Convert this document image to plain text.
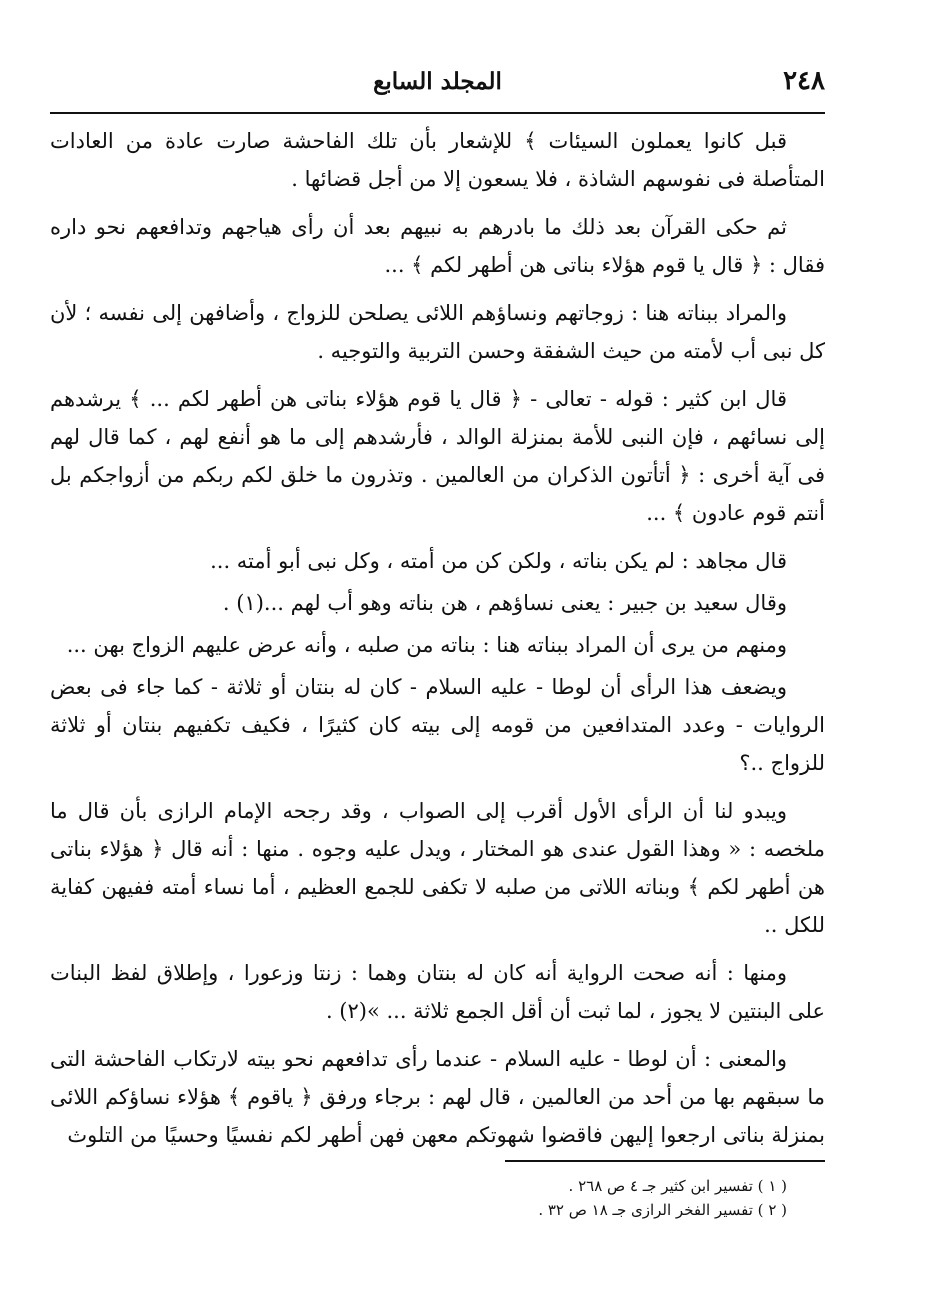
٢٤٨
المجلد السابع

قبل كانوا يعملون السيئات ﴾ للإشعار بأن تلك الفاحشة صارت عادة من العادات المتأصلة فى نفوسهم الشاذة ، فلا يسعون إلا من أجل قضائها .

ثم حكى القرآن بعد ذلك ما بادرهم به نبيهم بعد أن رأى هياجهم وتدافعهم نحو داره فقال : ﴿ قال يا قوم هؤلاء بناتى هن أطهر لكم ﴾ ...

والمراد ببناته هنا : زوجاتهم ونساؤهم اللائى يصلحن للزواج ، وأضافهن إلى نفسه ؛ لأن كل نبى أب لأمته من حيث الشفقة وحسن التربية والتوجيه .

قال ابن كثير : قوله - تعالى - ﴿ قال يا قوم هؤلاء بناتى هن أطهر لكم ... ﴾ يرشدهم إلى نسائهم ، فإن النبى للأمة بمنزلة الوالد ، فأرشدهم إلى ما هو أنفع لهم ، كما قال لهم فى آية أخرى : ﴿ أتأتون الذكران من العالمين . وتذرون ما خلق لكم ربكم من أزواجكم بل أنتم قوم عادون ﴾ ...

قال مجاهد : لم يكن بناته ، ولكن كن من أمته ، وكل نبى أبو أمته ...

وقال سعيد بن جبير : يعنى نساؤهم ، هن بناته وهو أب لهم ...(١) .

ومنهم من يرى أن المراد ببناته هنا : بناته من صلبه ، وأنه عرض عليهم الزواج بهن ...

ويضعف هذا الرأى أن لوطا - عليه السلام - كان له بنتان أو ثلاثة - كما جاء فى بعض الروايات - وعدد المتدافعين من قومه إلى بيته كان كثيرًا ، فكيف تكفيهم بنتان أو ثلاثة للزواج ..؟

ويبدو لنا أن الرأى الأول أقرب إلى الصواب ، وقد رجحه الإمام الرازى بأن قال ما ملخصه : « وهذا القول عندى هو المختار ، ويدل عليه وجوه . منها : أنه قال ﴿ هؤلاء بناتى هن أطهر لكم ﴾ وبناته اللاتى من صلبه لا تكفى للجمع العظيم ، أما نساء أمته ففيهن كفاية للكل ..

ومنها : أنه صحت الرواية أنه كان له بنتان وهما : زنتا وزعورا ، وإطلاق لفظ البنات على البنتين لا يجوز ، لما ثبت أن أقل الجمع ثلاثة ... »(٢) .

والمعنى : أن لوطا - عليه السلام - عندما رأى تدافعهم نحو بيته لارتكاب الفاحشة التى ما سبقهم بها من أحد من العالمين ، قال لهم : برجاء ورفق ﴿ ياقوم ﴾ هؤلاء نساؤكم اللائى بمنزلة بناتى ارجعوا إليهن فاقضوا شهوتكم معهن فهن أطهر لكم نفسيًا وحسيًا من التلوث

( ١ ) تفسير ابن كثير جـ ٤ ص ٢٦٨ .
( ٢ ) تفسير الفخر الرازى جـ ١٨ ص ٣٢ .
